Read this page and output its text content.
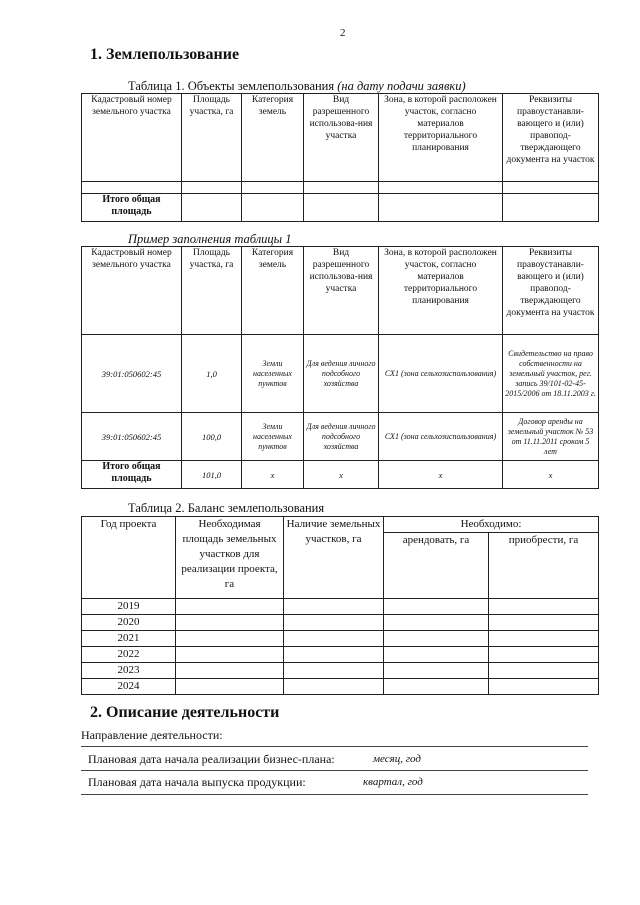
2
1. Землепользование
Таблица 1. Объекты землепользования (на дату подачи заявки)
Кадастровый номер земельного участка	Площадь участка, га	Категория земель	Вид разрешенного использова-ния участка	Зона, в которой расположен участок, согласно материалов территориального планирования	Реквизиты правоустанавли-вающего и (или) правопод-тверждающего документа на участок

Итого общая площадь					
Пример заполнения таблицы 1
Кадастровый номер земельного участка	Площадь участка, га	Категория земель	Вид разрешенного использова-ния участка	Зона, в которой расположен участок, согласно материалов территориального планирования	Реквизиты правоустанавли-вающего и (или) правопод-тверждающего документа на участок
39:01:050602:45	1,0	Земли населенных пунктов	Для ведения личного подсобного хозяйства	СХ1 (зона сельхозиспользования)	Свидетельство на право собственности на земельный участок, рег. запись 39/101-02-45-2015/2006 от 18.11.2003 г.
39:01:050602:45	100,0	Земли населенных пунктов	Для ведения личного подсобного хозяйства	СХ1 (зона сельхозиспользования)	Договор аренды на земельный участок № 53 от 11.11.2011 сроком 5 лет
Итого общая площадь	101,0	x	x	x	x
Таблица 2. Баланс землепользования
Год проекта	Необходимая площадь земельных участков для реализации проекта, га	Наличие земельных участков, га	Необходимо:	
			арендовать, га	приобрести, га
2019				
2020				
2021				
2022				
2023				
2024				
2. Описание деятельности
Направление деятельности:
Плановая дата начала реализации бизнес-плана:	месяц, год
Плановая дата начала выпуска продукции:	квартал, год
